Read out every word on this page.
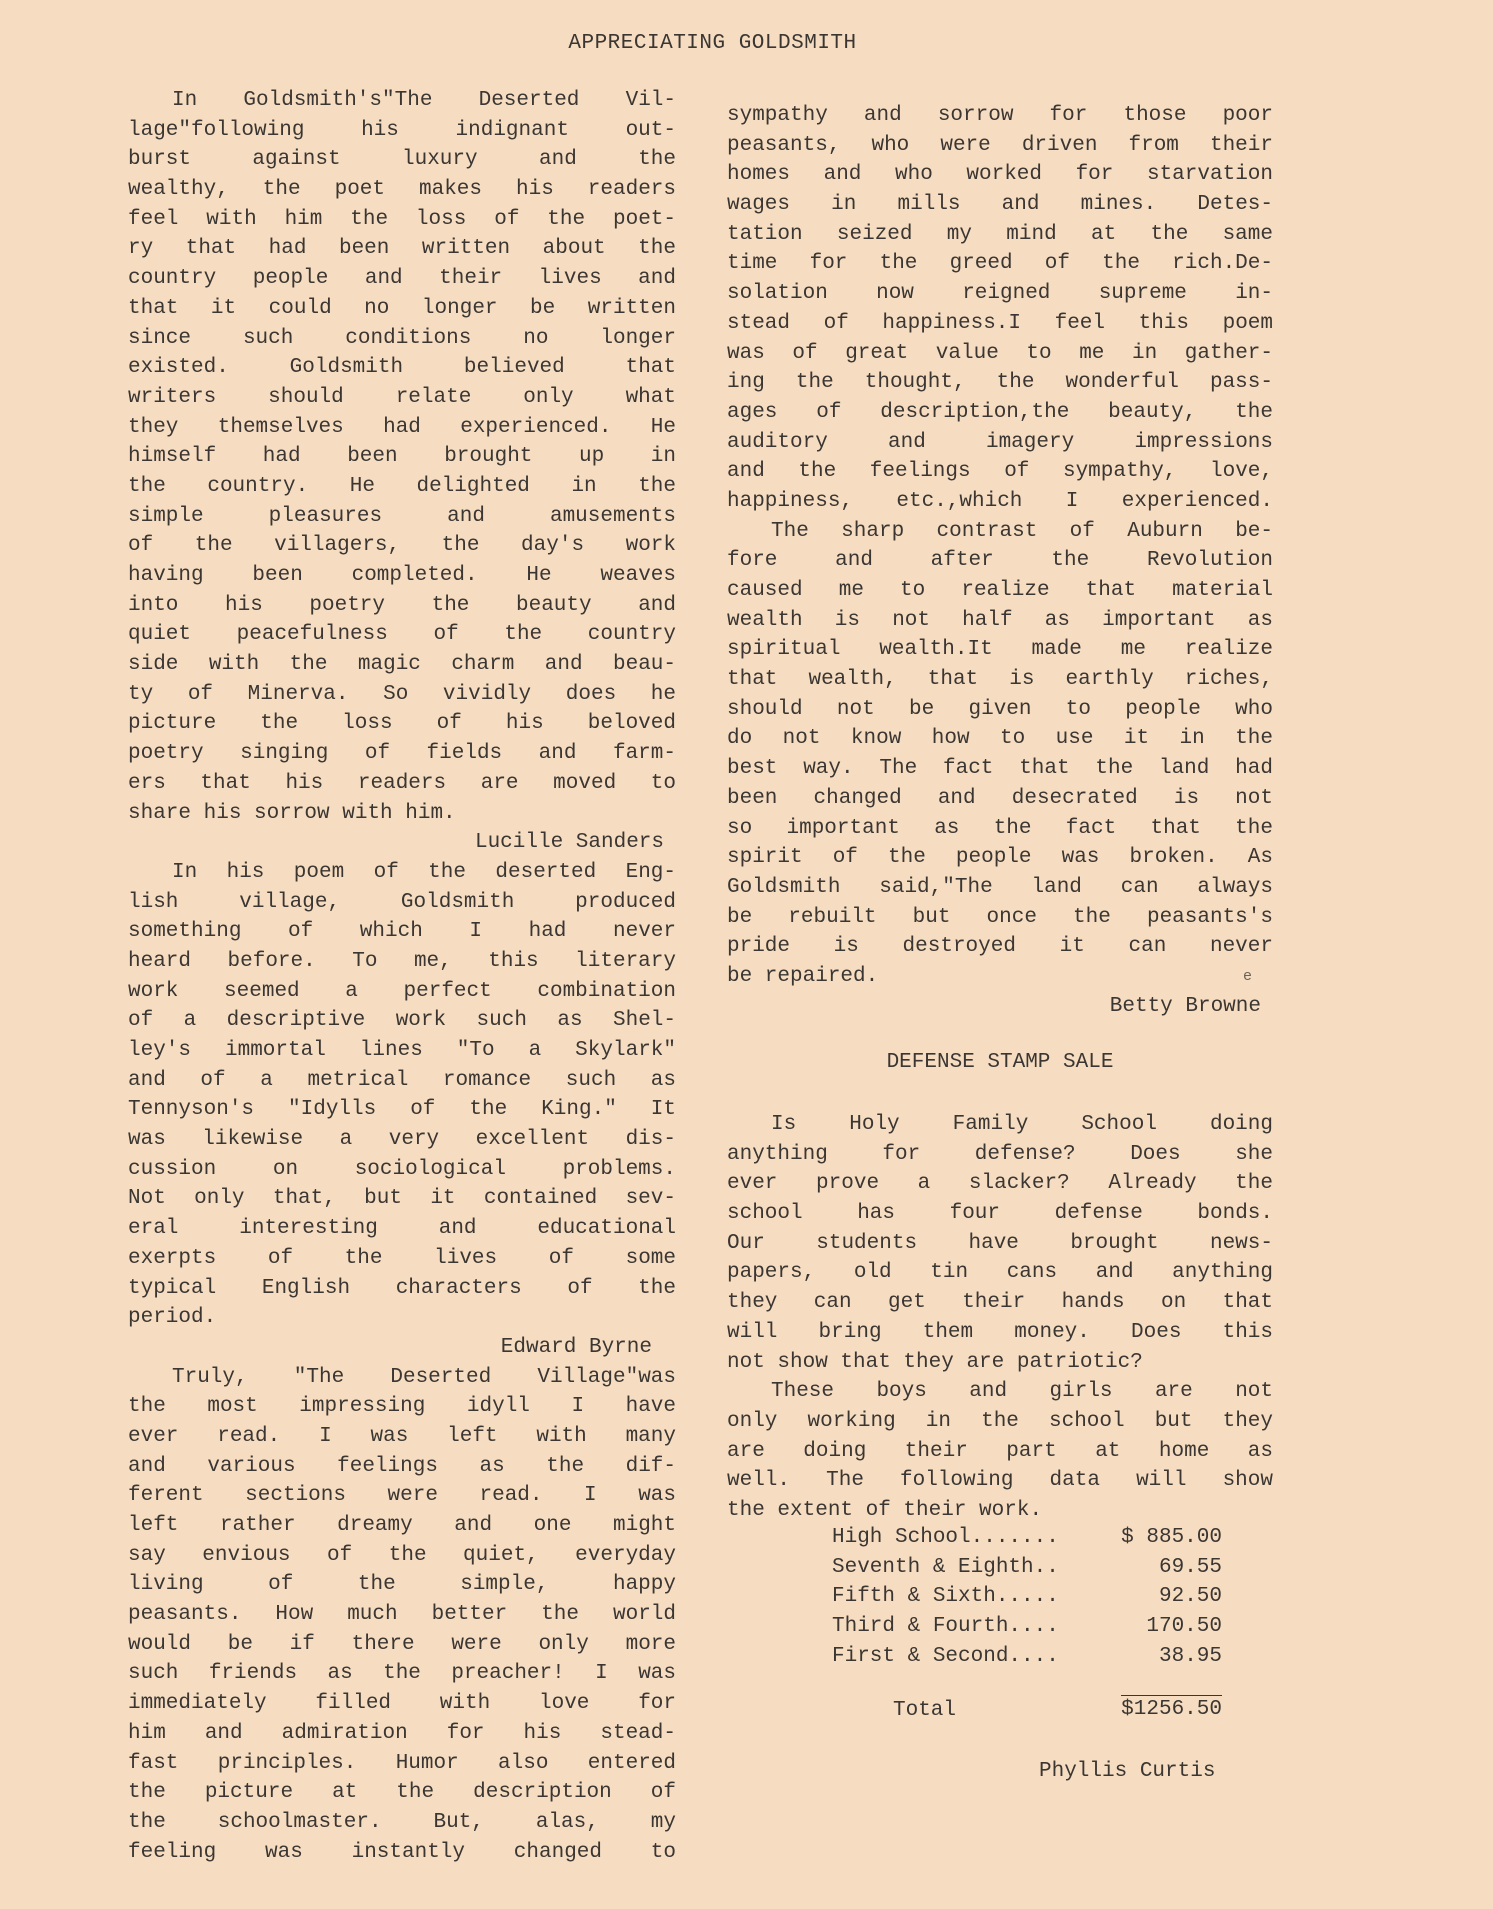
APPRECIATING GOLDSMITH
In Goldsmith's"The Deserted Vil-
lage"following his indignant out-
burst against luxury and the
wealthy, the poet makes his readers
feel with him the loss of the poet-
ry that had been written about the
country people and their lives and
that it could no longer be written
since such conditions no longer
existed. Goldsmith believed that
writers should relate only what
they themselves had experienced. He
himself had been brought up in
the country. He delighted in the
simple pleasures and amusements
of the villagers, the day's work
having been completed. He weaves
into his poetry the beauty and
quiet peacefulness of the country
side with the magic charm and beau-
ty of Minerva. So vividly does he
picture the loss of his beloved
poetry singing of fields and farm-
ers that his readers are moved to
share his sorrow with him.
Lucille Sanders
In his poem of the deserted Eng-
lish village, Goldsmith produced
something of which I had never
heard before. To me, this literary
work seemed a perfect combination
of a descriptive work such as Shel-
ley's immortal lines "To a Skylark"
and of a metrical romance such as
Tennyson's "Idylls of the King." It
was likewise a very excellent dis-
cussion on sociological problems.
Not only that, but it contained sev-
eral interesting and educational
exerpts of the lives of some
typical English characters of the
period.
Edward Byrne
Truly, "The Deserted Village"was
the most impressing idyll I have
ever read. I was left with many
and various feelings as the dif-
ferent sections were read. I was
left rather dreamy and one might
say envious of the quiet, everyday
living of the simple, happy
peasants. How much better the world
would be if there were only more
such friends as the preacher! I was
immediately filled with love for
him and admiration for his stead-
fast principles. Humor also entered
the picture at the description of
the schoolmaster. But, alas, my
feeling was instantly changed to
sympathy and sorrow for those poor
peasants, who were driven from their
homes and who worked for starvation
wages in mills and mines. Detes-
tation seized my mind at the same
time for the greed of the rich.De-
solation now reigned supreme in-
stead of happiness.I feel this poem
was of great value to me in gather-
ing the thought, the wonderful pass-
ages of description,the beauty, the
auditory and imagery impressions
and the feelings of sympathy, love,
happiness, etc.,which I experienced.
The sharp contrast of Auburn be-
fore and after the Revolution
caused me to realize that material
wealth is not half as important as
spiritual wealth.It made me realize
that wealth, that is earthly riches,
should not be given to people who
do not know how to use it in the
best way. The fact that the land had
been changed and desecrated is not
so important as the fact that the
spirit of the people was broken. As
Goldsmith said,"The land can always
be rebuilt but once the peasants's
pride is destroyed it can never
be repaired.
Betty Browne
e
DEFENSE STAMP SALE
Is Holy Family School doing
anything for defense? Does she
ever prove a slacker? Already the
school has four defense bonds.
Our students have brought news-
papers, old tin cans and anything
they can get their hands on that
will bring them money. Does this
not show that they are patriotic?
These boys and girls are not
only working in the school but they
are doing their part at home as
well. The following data will show
the extent of their work.
High School.......	$ 885.00
Seventh & Eighth..	69.55
Fifth & Sixth.....	92.50
Third & Fourth....	170.50
First & Second....	38.95
Total	$1256.50
Phyllis Curtis
